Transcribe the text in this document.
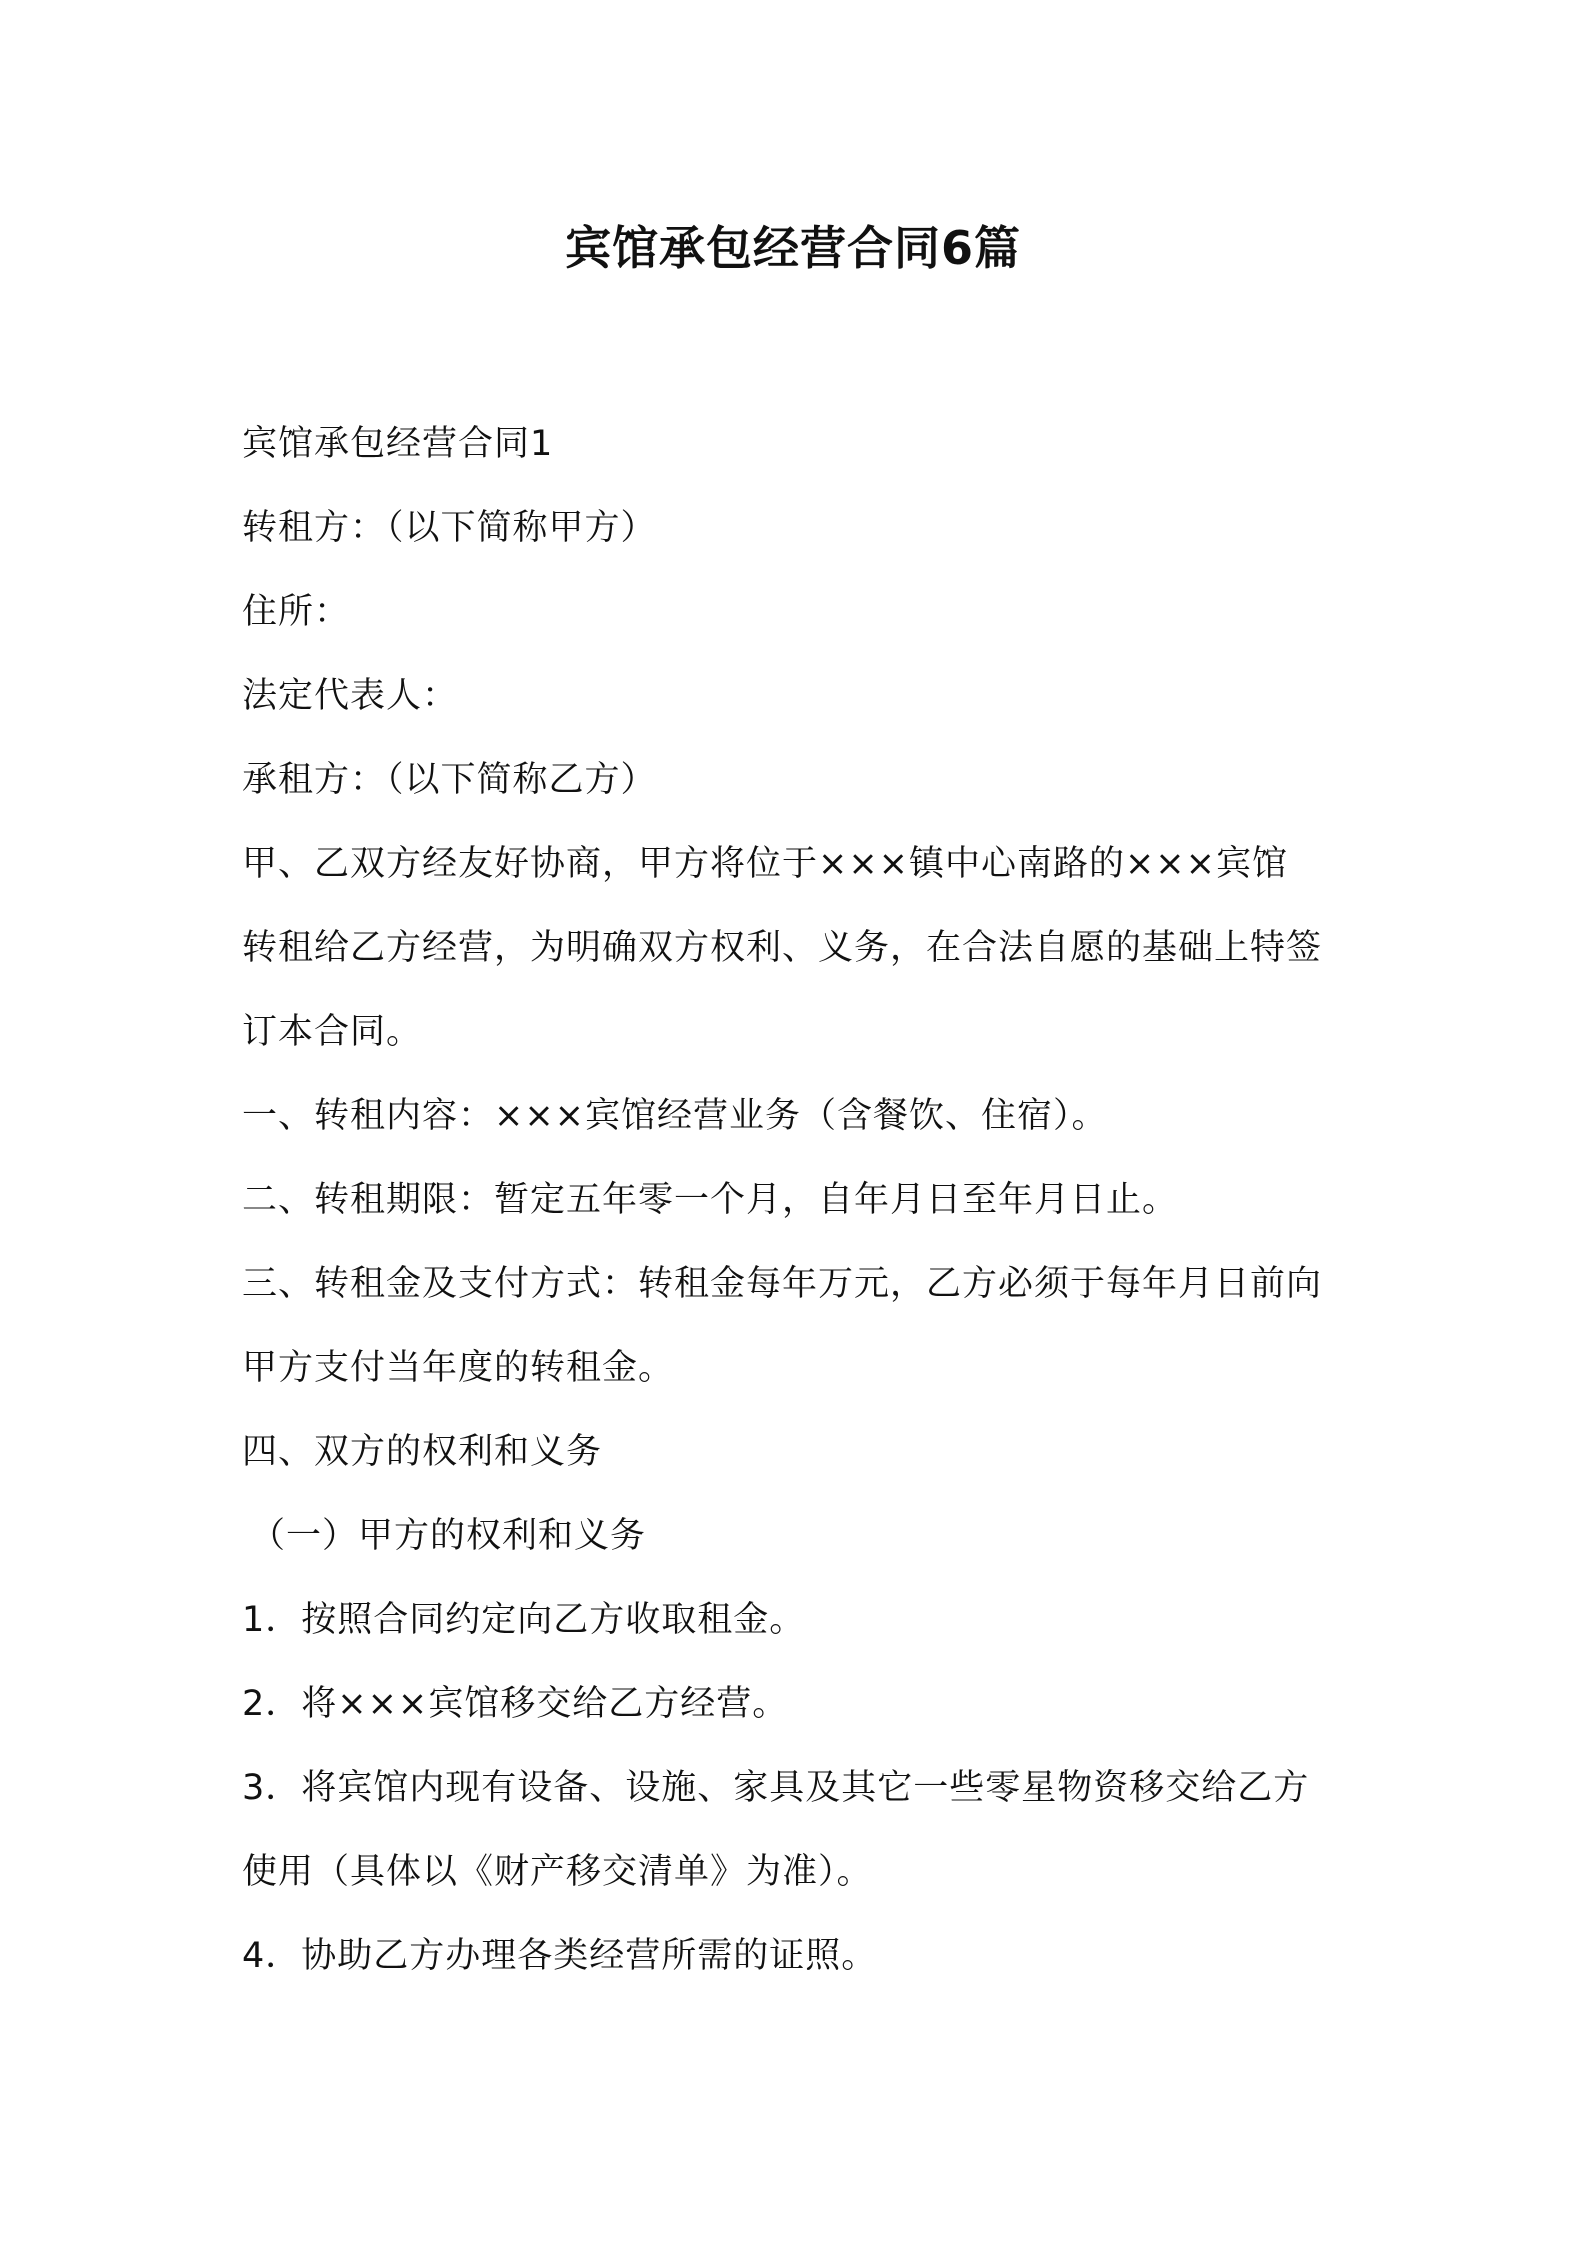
宾馆承包经营合同6篇
宾馆承包经营合同1
转租方：（以下简称甲方）
住所：
法定代表人：
承租方：（以下简称乙方）
甲、乙双方经友好协商，甲方将位于×××镇中心南路的×××宾馆
转租给乙方经营，为明确双方权利、义务，在合法自愿的基础上特签
订本合同。
一、转租内容：×××宾馆经营业务（含餐饮、住宿）。
二、转租期限：暂定五年零一个月，自年月日至年月日止。
三、转租金及支付方式：转租金每年万元，乙方必须于每年月日前向
甲方支付当年度的转租金。
四、双方的权利和义务
（一）甲方的权利和义务
1．按照合同约定向乙方收取租金。
2．将×××宾馆移交给乙方经营。
3．将宾馆内现有设备、设施、家具及其它一些零星物资移交给乙方
使用（具体以《财产移交清单》为准）。
4．协助乙方办理各类经营所需的证照。
